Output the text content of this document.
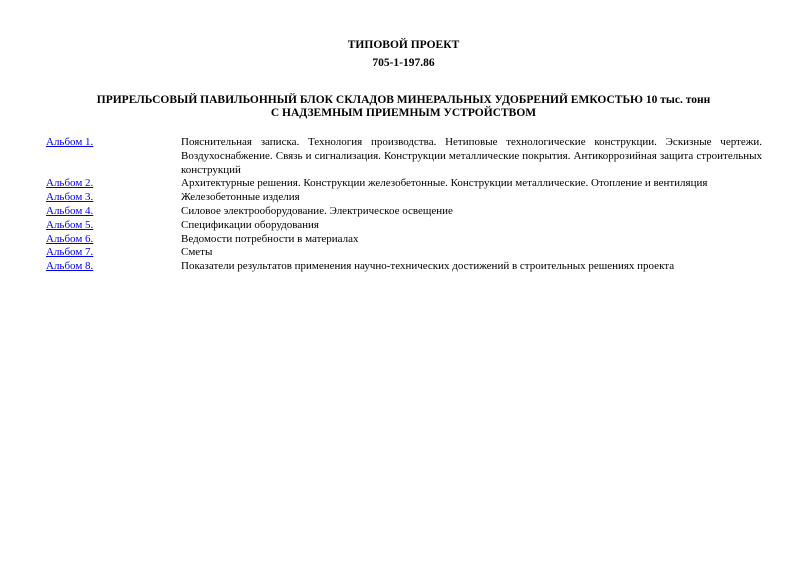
ТИПОВОЙ ПРОЕКТ
705-1-197.86
ПРИРЕЛЬСОВЫЙ ПАВИЛЬОННЫЙ БЛОК СКЛАДОВ МИНЕРАЛЬНЫХ УДОБРЕНИЙ ЕМКОСТЬЮ 10 тыс. тонн
С НАДЗЕМНЫМ ПРИЕМНЫМ УСТРОЙСТВОМ
Альбом 1.	Пояснительная записка. Технология производства. Нетиповые технологические конструкции. Эскизные чертежи. Воздухоснабжение. Связь и сигнализация. Конструкции металлические покрытия. Антикоррозийная защита строительных конструкций
Альбом 2.	Архитектурные решения. Конструкции железобетонные. Конструкции металлические. Отопление и вентиляция
Альбом 3.	Железобетонные изделия
Альбом 4.	Силовое электрооборудование. Электрическое освещение
Альбом 5.	Спецификации оборудования
Альбом 6.	Ведомости потребности в материалах
Альбом 7.	Сметы
Альбом 8.	Показатели результатов применения научно-технических достижений в строительных решениях проекта
